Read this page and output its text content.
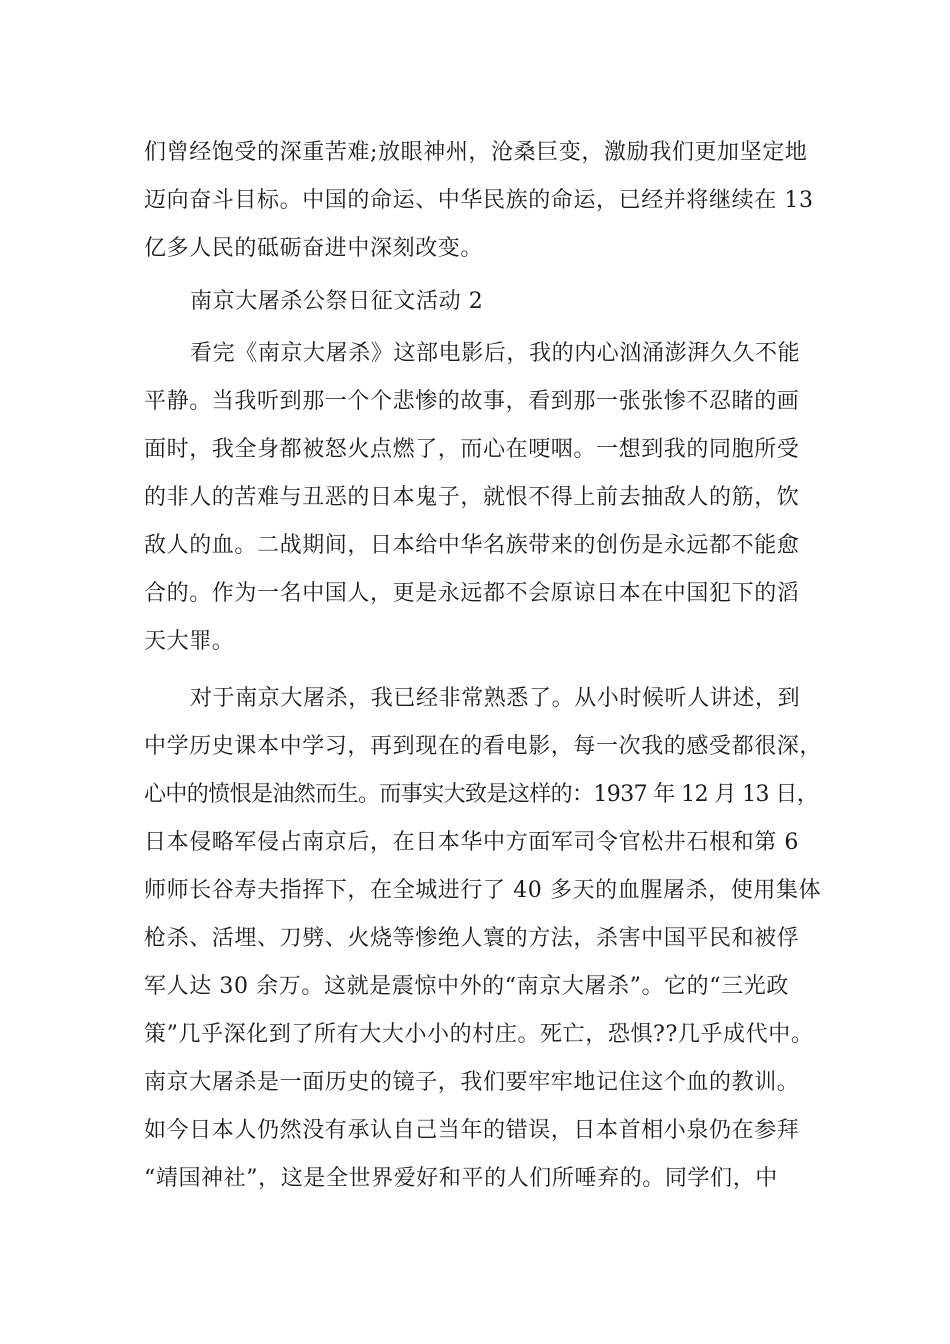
们曾经饱受的深重苦难;放眼神州，沧桑巨变，激励我们更加坚定地
迈向奋斗目标。中国的命运、中华民族的命运，已经并将继续在 13
亿多人民的砥砺奋进中深刻改变。
南京大屠杀公祭日征文活动 2
看完《南京大屠杀》这部电影后，我的内心汹涌澎湃久久不能
平静。当我听到那一个个悲惨的故事，看到那一张张惨不忍睹的画
面时，我全身都被怒火点燃了，而心在哽咽。一想到我的同胞所受
的非人的苦难与丑恶的日本鬼子，就恨不得上前去抽敌人的筋，饮
敌人的血。二战期间，日本给中华名族带来的创伤是永远都不能愈
合的。作为一名中国人，更是永远都不会原谅日本在中国犯下的滔
天大罪。
对于南京大屠杀，我已经非常熟悉了。从小时候听人讲述，到
中学历史课本中学习，再到现在的看电影，每一次我的感受都很深，
心中的愤恨是油然而生。而事实大致是这样的：1937 年 12 月 13 日，
日本侵略军侵占南京后，在日本华中方面军司令官松井石根和第 6
师师长谷寿夫指挥下，在全城进行了 40 多天的血腥屠杀，使用集体
枪杀、活埋、刀劈、火烧等惨绝人寰的方法，杀害中国平民和被俘
军人达 30 余万。这就是震惊中外的“南京大屠杀”。它的“三光政
策”几乎深化到了所有大大小小的村庄。死亡，恐惧??几乎成代中。
南京大屠杀是一面历史的镜子，我们要牢牢地记住这个血的教训。
如今日本人仍然没有承认自己当年的错误，日本首相小泉仍在参拜
“靖国神社”，这是全世界爱好和平的人们所唾弃的。同学们，中
